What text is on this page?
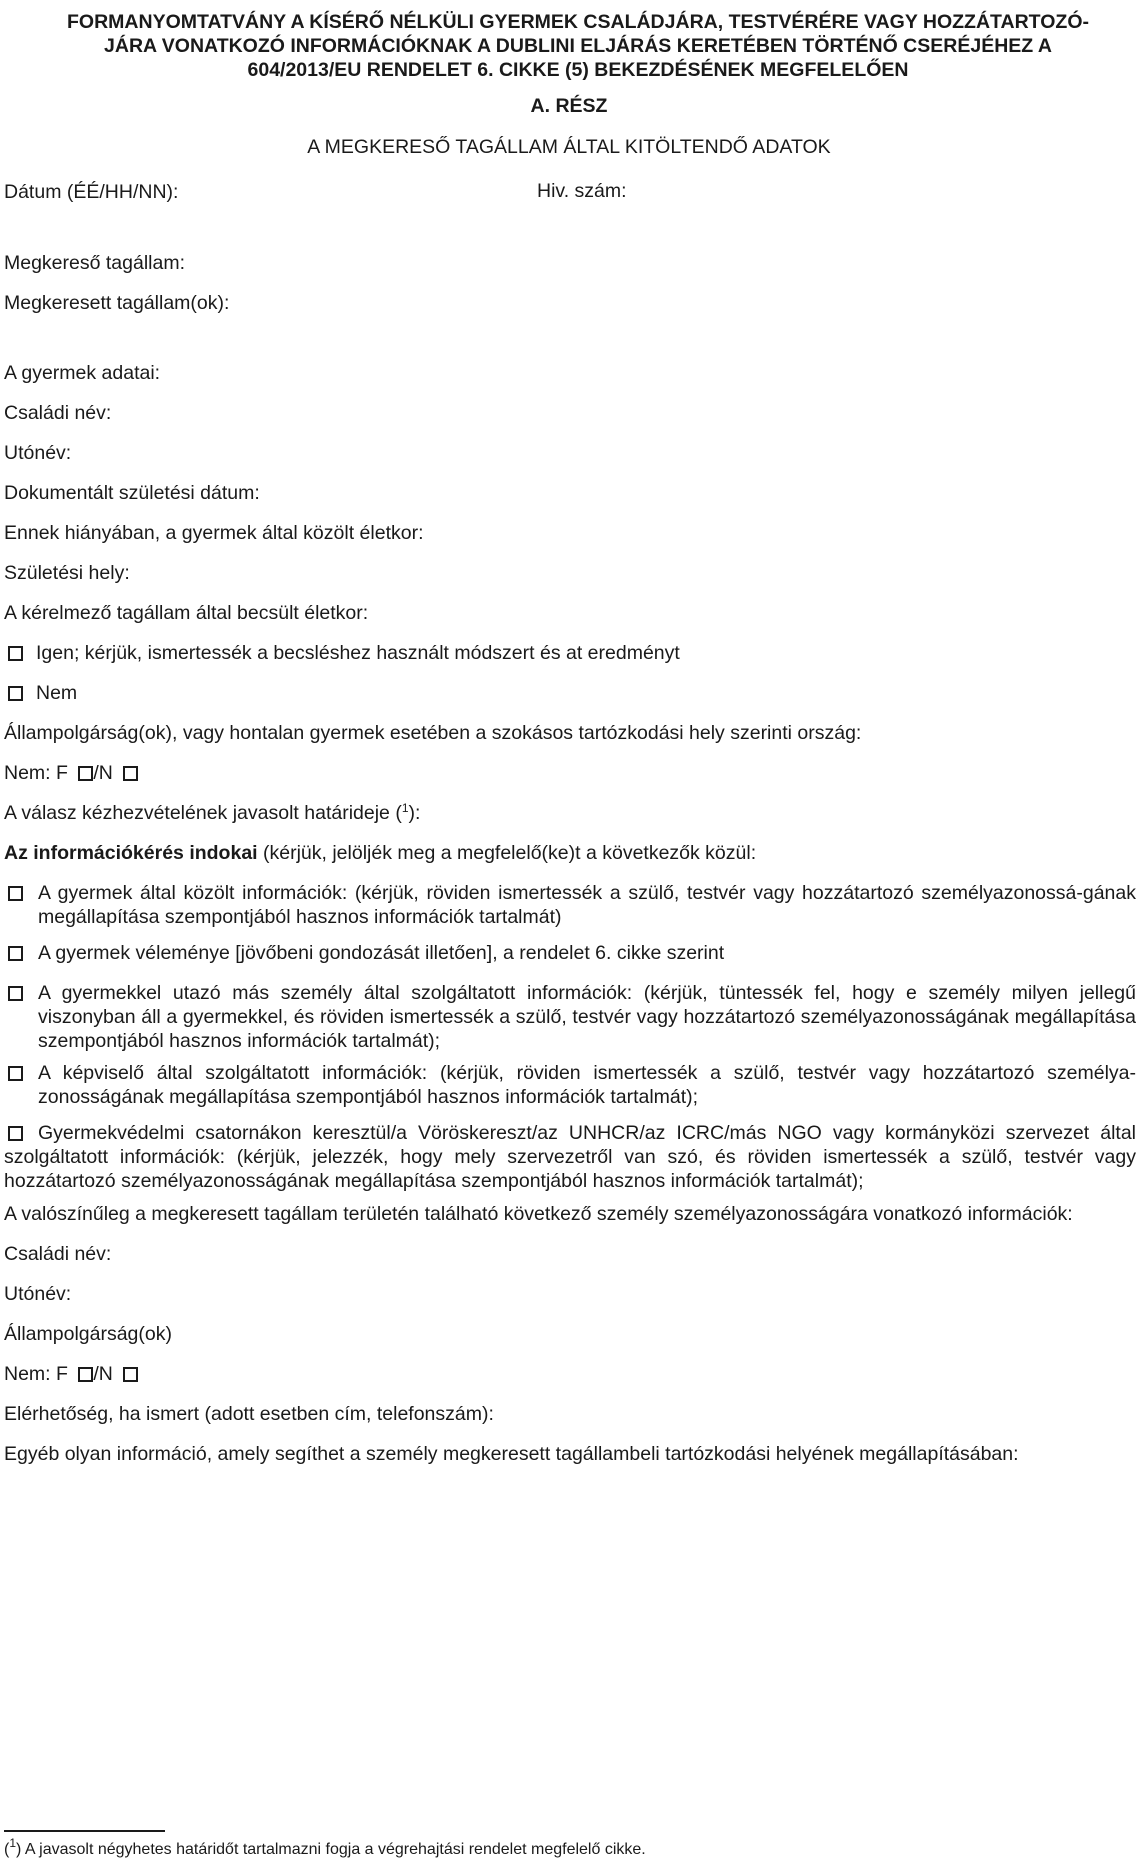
FORMANYOMTATVÁNY A KÍSÉRŐ NÉLKÜLI GYERMEK CSALÁDJÁRA, TESTVÉRÉRE VAGY HOZZÁTARTOZÓ-
JÁRA VONATKOZÓ INFORMÁCIÓKNAK A DUBLINI ELJÁRÁS KERETÉBEN TÖRTÉNŐ CSERÉJÉHEZ A
604/2013/EU RENDELET 6. CIKKE (5) BEKEZDÉSÉNEK MEGFELELŐEN
A. RÉSZ
A MEGKERESŐ TAGÁLLAM ÁLTAL KITÖLTENDŐ ADATOK
Dátum (ÉÉ/HH/NN):	Hiv. szám:
Megkereső tagállam:
Megkeresett tagállam(ok):
A gyermek adatai:
Családi név:
Utónév:
Dokumentált születési dátum:
Ennek hiányában, a gyermek által közölt életkor:
Születési hely:
A kérelmező tagállam által becsült életkor:
Igen; kérjük, ismertessék a becsléshez használt módszert és at eredményt
Nem
Állampolgárság(ok), vagy hontalan gyermek esetében a szokásos tartózkodási hely szerinti ország:
Nem: F /N
A válasz kézhezvételének javasolt határideje ($^1$):
Az információkérés indokai (kérjük, jelöljék meg a megfelelő(ke)t a következők közül:
A gyermek által közölt információk: (kérjük, röviden ismertessék a szülő, testvér vagy hozzátartozó személyazonossá-gának megállapítása szempontjából hasznos információk tartalmát)
A gyermek véleménye [jövőbeni gondozását illetően], a rendelet 6. cikke szerint
A gyermekkel utazó más személy által szolgáltatott információk: (kérjük, tüntessék fel, hogy e személy milyen jellegű viszonyban áll a gyermekkel, és röviden ismertessék a szülő, testvér vagy hozzátartozó személyazonosságának megállapítása szempontjából hasznos információk tartalmát);
A képviselő által szolgáltatott információk: (kérjük, röviden ismertessék a szülő, testvér vagy hozzátartozó személya-zonosságának megállapítása szempontjából hasznos információk tartalmát);
Gyermekvédelmi csatornákon keresztül/a Vöröskereszt/az UNHCR/az ICRC/más NGO vagy kormányközi szervezet által szolgáltatott információk: (kérjük, jelezzék, hogy mely szervezetről van szó, és röviden ismertessék a szülő, testvér vagy hozzátartozó személyazonosságának megállapítása szempontjából hasznos információk tartalmát);
A valószínűleg a megkeresett tagállam területén található következő személy személyazonosságára vonatkozó információk:
Családi név:
Utónév:
Állampolgárság(ok)
Nem: F /N
Elérhetőség, ha ismert (adott esetben cím, telefonszám):
Egyéb olyan információ, amely segíthet a személy megkeresett tagállambeli tartózkodási helyének megállapításában:
($^1$) A javasolt négyhetes határidőt tartalmazni fogja a végrehajtási rendelet megfelelő cikke.
